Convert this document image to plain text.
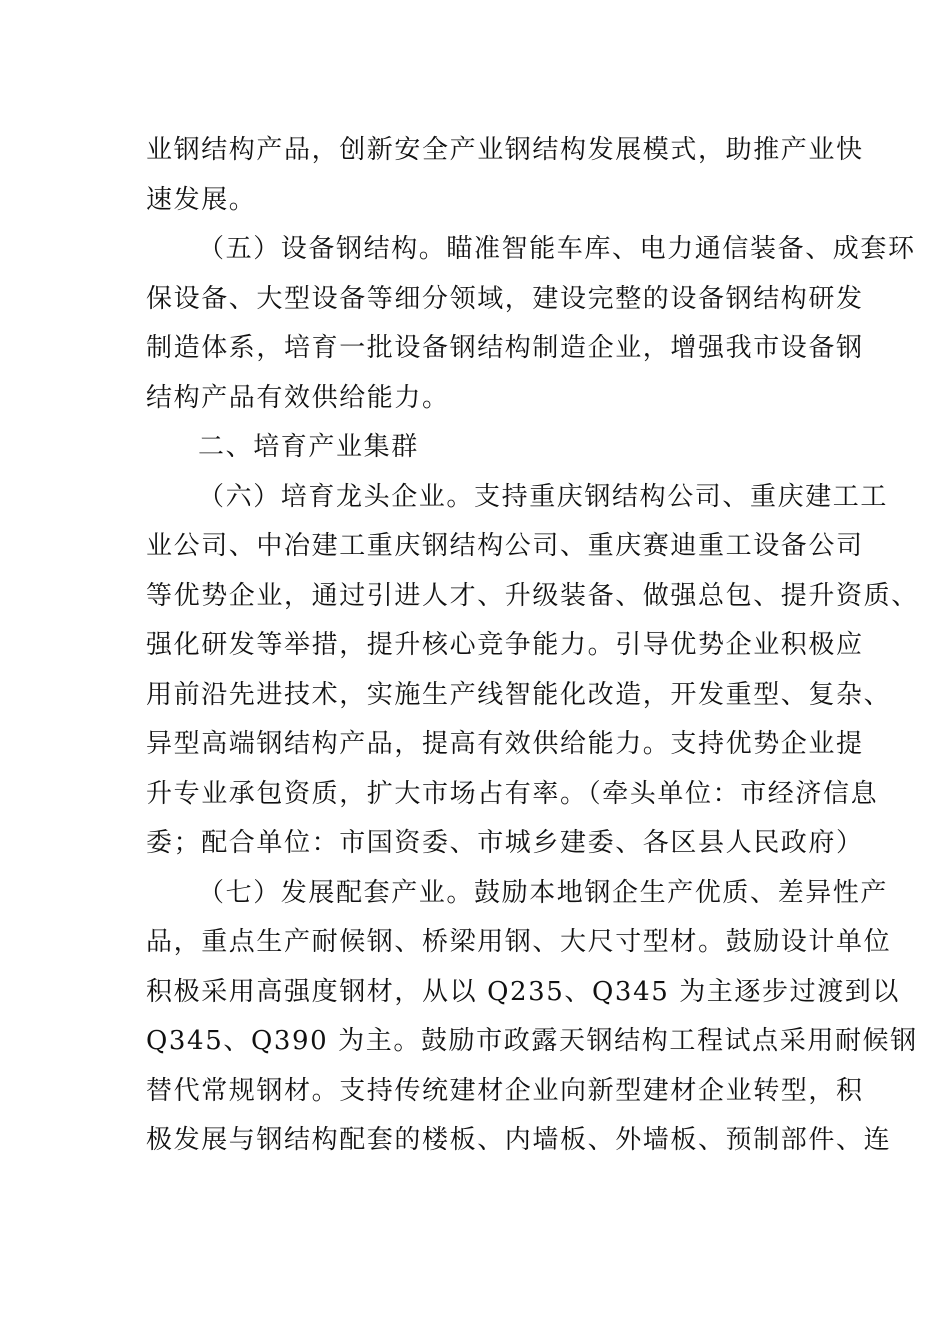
业钢结构产品，创新安全产业钢结构发展模式，助推产业快
速发展。
（五）设备钢结构。瞄准智能车库、电力通信装备、成套环
保设备、大型设备等细分领域，建设完整的设备钢结构研发
制造体系，培育一批设备钢结构制造企业，增强我市设备钢
结构产品有效供给能力。
二、培育产业集群
（六）培育龙头企业。支持重庆钢结构公司、重庆建工工
业公司、中冶建工重庆钢结构公司、重庆赛迪重工设备公司
等优势企业，通过引进人才、升级装备、做强总包、提升资质、
强化研发等举措，提升核心竞争能力。引导优势企业积极应
用前沿先进技术，实施生产线智能化改造，开发重型、复杂、
异型高端钢结构产品，提高有效供给能力。支持优势企业提
升专业承包资质，扩大市场占有率。（牵头单位：市经济信息
委；配合单位：市国资委、市城乡建委、各区县人民政府）
（七）发展配套产业。鼓励本地钢企生产优质、差异性产
品，重点生产耐候钢、桥梁用钢、大尺寸型材。鼓励设计单位
积极采用高强度钢材，从以 Q235、Q345 为主逐步过渡到以
Q345、Q390 为主。鼓励市政露天钢结构工程试点采用耐候钢
替代常规钢材。支持传统建材企业向新型建材企业转型，积
极发展与钢结构配套的楼板、内墙板、外墙板、预制部件、连
